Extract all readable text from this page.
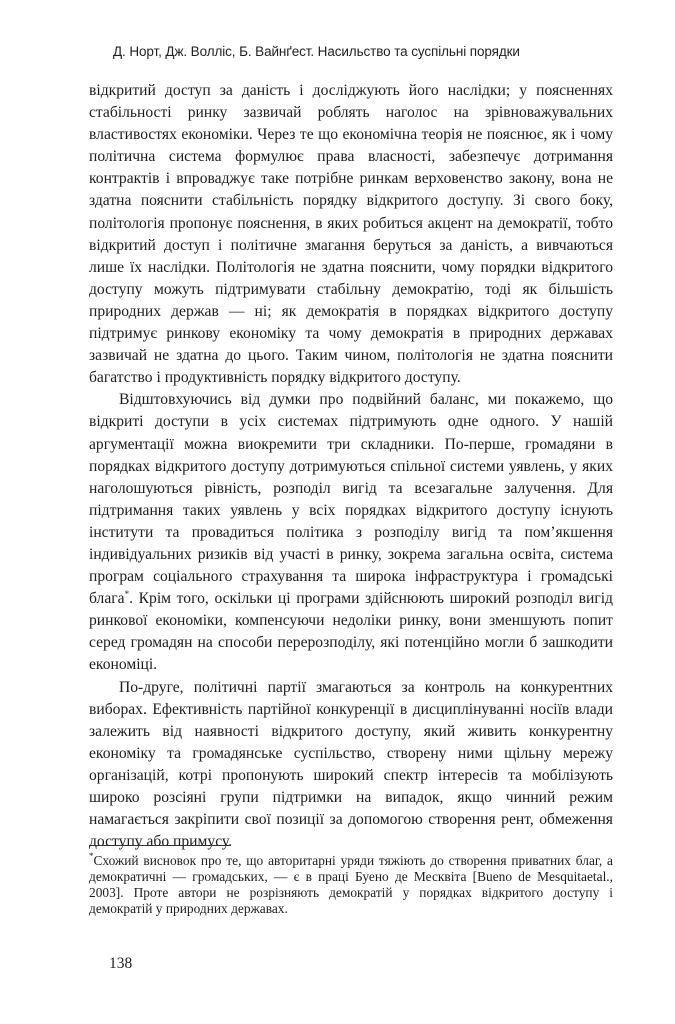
Д. Норт, Дж. Волліс, Б. Вайнґест. Насильство та суспільні порядки

відкритий доступ за даність і досліджують його наслідки; у поясненнях стабільності ринку зазвичай роблять наголос на зрівноважувальних властивостях економіки. Через те що економічна теорія не пояснює, як і чому політична система формулює права власності, забезпечує дотримання контрактів і впроваджує таке потрібне ринкам верховенство закону, вона не здатна пояснити стабільність порядку відкритого доступу. Зі свого боку, політологія пропонує пояснення, в яких робиться акцент на демократії, тобто відкритий доступ і політичне змагання беруться за даність, а вивчаються лише їх наслідки. Політологія не здатна пояснити, чому порядки відкритого доступу можуть підтримувати стабільну демократію, тоді як більшість природних держав — ні; як демократія в порядках відкритого доступу підтримує ринкову економіку та чому демократія в природних державах зазвичай не здатна до цього. Таким чином, політологія не здатна пояснити багатство і продуктивність порядку відкритого доступу.

Відштовхуючись від думки про подвійний баланс, ми покажемо, що відкриті доступи в усіх системах підтримують одне одного. У нашій аргументації можна виокремити три складники. По-перше, громадяни в порядках відкритого доступу дотримуються спільної системи уявлень, у яких наголошуються рівність, розподіл вигід та всезагальне залучення. Для підтримання таких уявлень у всіх порядках відкритого доступу існують інститути та провадиться політика з розподілу вигід та пом’якшення індивідуальних ризиків від участі в ринку, зокрема загальна освіта, система програм соціального страхування та широка інфраструктура і громадські блага*. Крім того, оскільки ці програми здійснюють широкий розподіл вигід ринкової економіки, компенсуючи недоліки ринку, вони зменшують попит серед громадян на способи перерозподілу, які потенційно могли б зашкодити економіці.

По-друге, політичні партії змагаються за контроль на конкурентних виборах. Ефективність партійної конкуренції в дисциплінуванні носіїв влади залежить від наявності відкритого доступу, який живить конкурентну економіку та громадянське суспільство, створену ними щільну мережу організацій, котрі пропонують широкий спектр інтересів та мобілізують широко розсіяні групи підтримки на випадок, якщо чинний режим намагається закріпити свої позиції за допомогою створення рент, обмеження доступу або примусу.

*Схожий висновок про те, що авторитарні уряди тяжіють до створення приватних благ, а демократичні — громадських, — є в праці Буено де Месквіта [Bueno de Mesquitaetal., 2003]. Проте автори не розрізняють демократій у порядках відкритого доступу і демократій у природних державах.

138
